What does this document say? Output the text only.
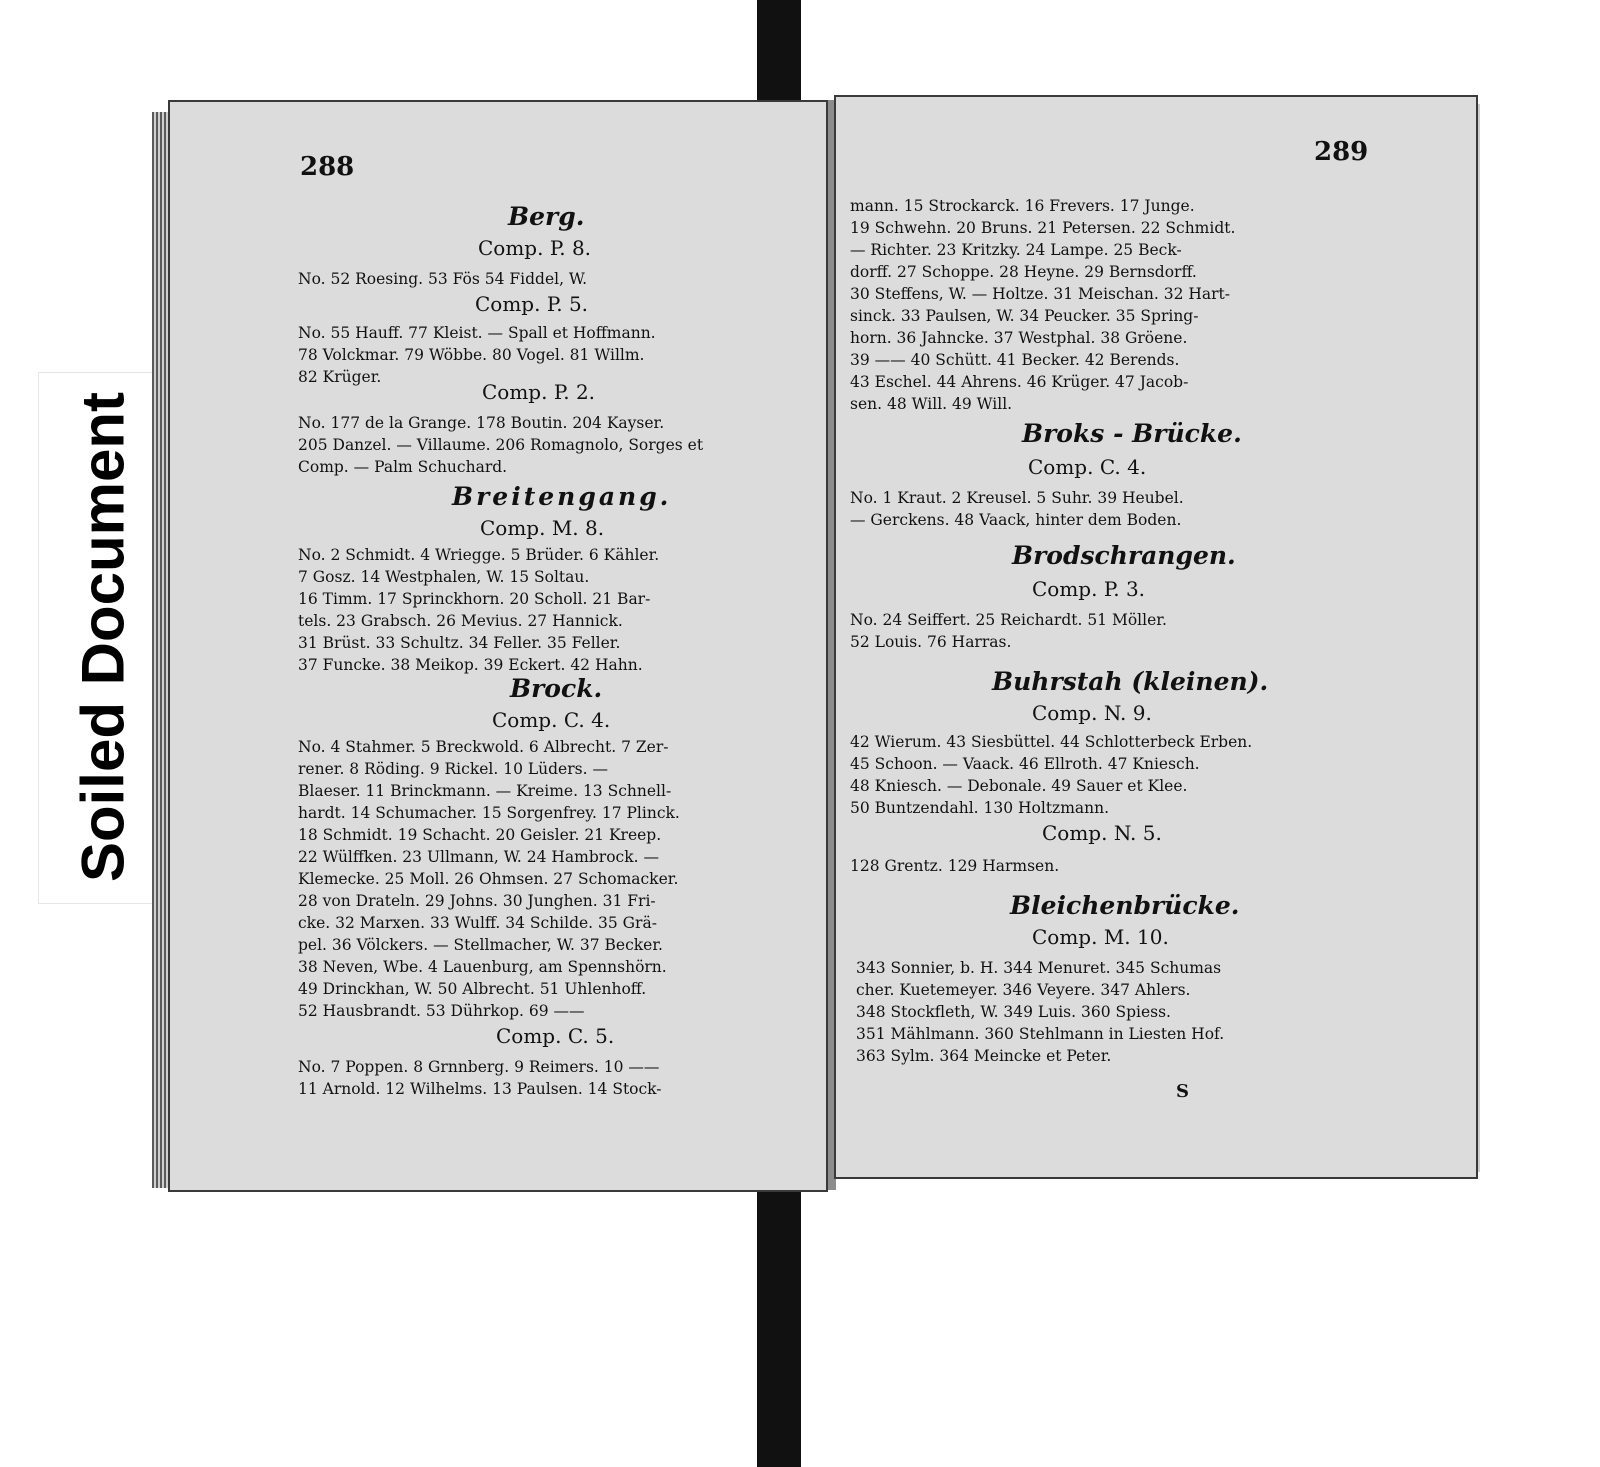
Soiled Document
288
Berg.
Comp. P. 8.
No. 52 Roesing. 53 Fös 54 Fiddel, W.
Comp. P. 5.
No. 55 Hauff. 77 Kleist. — Spall et Hoffmann.
78 Volckmar. 79 Wöbbe. 80 Vogel. 81 Willm.
82 Krüger.
Comp. P. 2.
No. 177 de la Grange. 178 Boutin. 204 Kayser.
205 Danzel. — Villaume. 206 Romagnolo, Sorges et
Comp. — Palm Schuchard.
Breitengang.
Comp. M. 8.
No. 2 Schmidt. 4 Wriegge. 5 Brüder. 6 Kähler.
7 Gosz. 14 Westphalen, W. 15 Soltau.
16 Timm. 17 Sprinckhorn. 20 Scholl. 21 Bar-
tels. 23 Grabsch. 26 Mevius. 27 Hannick.
31 Brüst. 33 Schultz. 34 Feller. 35 Feller.
37 Funcke. 38 Meikop. 39 Eckert. 42 Hahn.
Brock.
Comp. C. 4.
No. 4 Stahmer. 5 Breckwold. 6 Albrecht. 7 Zer-
rener. 8 Röding. 9 Rickel. 10 Lüders. —
Blaeser. 11 Brinckmann. — Kreime. 13 Schnell-
hardt. 14 Schumacher. 15 Sorgenfrey. 17 Plinck.
18 Schmidt. 19 Schacht. 20 Geisler. 21 Kreep.
22 Wülffken. 23 Ullmann, W. 24 Hambrock. —
Klemecke. 25 Moll. 26 Ohmsen. 27 Schomacker.
28 von Drateln. 29 Johns. 30 Junghen. 31 Fri-
cke. 32 Marxen. 33 Wulff. 34 Schilde. 35 Grä-
pel. 36 Völckers. — Stellmacher, W. 37 Becker.
38 Neven, Wbe. 4 Lauenburg, am Spennshörn.
49 Drinckhan, W. 50 Albrecht. 51 Uhlenhoff.
52 Hausbrandt. 53 Dührkop. 69 ——
Comp. C. 5.
No. 7 Poppen. 8 Grnnberg. 9 Reimers. 10 ——
11 Arnold. 12 Wilhelms. 13 Paulsen. 14 Stock-
289
mann. 15 Strockarck. 16 Frevers. 17 Junge.
19 Schwehn. 20 Bruns. 21 Petersen. 22 Schmidt.
— Richter. 23 Kritzky. 24 Lampe. 25 Beck-
dorff. 27 Schoppe. 28 Heyne. 29 Bernsdorff.
30 Steffens, W. — Holtze. 31 Meischan. 32 Hart-
sinck. 33 Paulsen, W. 34 Peucker. 35 Spring-
horn. 36 Jahncke. 37 Westphal. 38 Gröene.
39 —— 40 Schütt. 41 Becker. 42 Berends.
43 Eschel. 44 Ahrens. 46 Krüger. 47 Jacob-
sen. 48 Will. 49 Will.
Broks - Brücke.
Comp. C. 4.
No. 1 Kraut. 2 Kreusel. 5 Suhr. 39 Heubel.
— Gerckens. 48 Vaack, hinter dem Boden.
Brodschrangen.
Comp. P. 3.
No. 24 Seiffert. 25 Reichardt. 51 Möller.
52 Louis. 76 Harras.
Buhrstah (kleinen).
Comp. N. 9.
42 Wierum. 43 Siesbüttel. 44 Schlotterbeck Erben.
45 Schoon. — Vaack. 46 Ellroth. 47 Kniesch.
48 Kniesch. — Debonale. 49 Sauer et Klee.
50 Buntzendahl. 130 Holtzmann.
Comp. N. 5.
128 Grentz. 129 Harmsen.
Bleichenbrücke.
Comp. M. 10.
343 Sonnier, b. H. 344 Menuret. 345 Schumas
cher. Kuetemeyer. 346 Veyere. 347 Ahlers.
348 Stockfleth, W. 349 Luis. 360 Spiess.
351 Mählmann. 360 Stehlmann in Liesten Hof.
363 Sylm. 364 Meincke et Peter.
S
